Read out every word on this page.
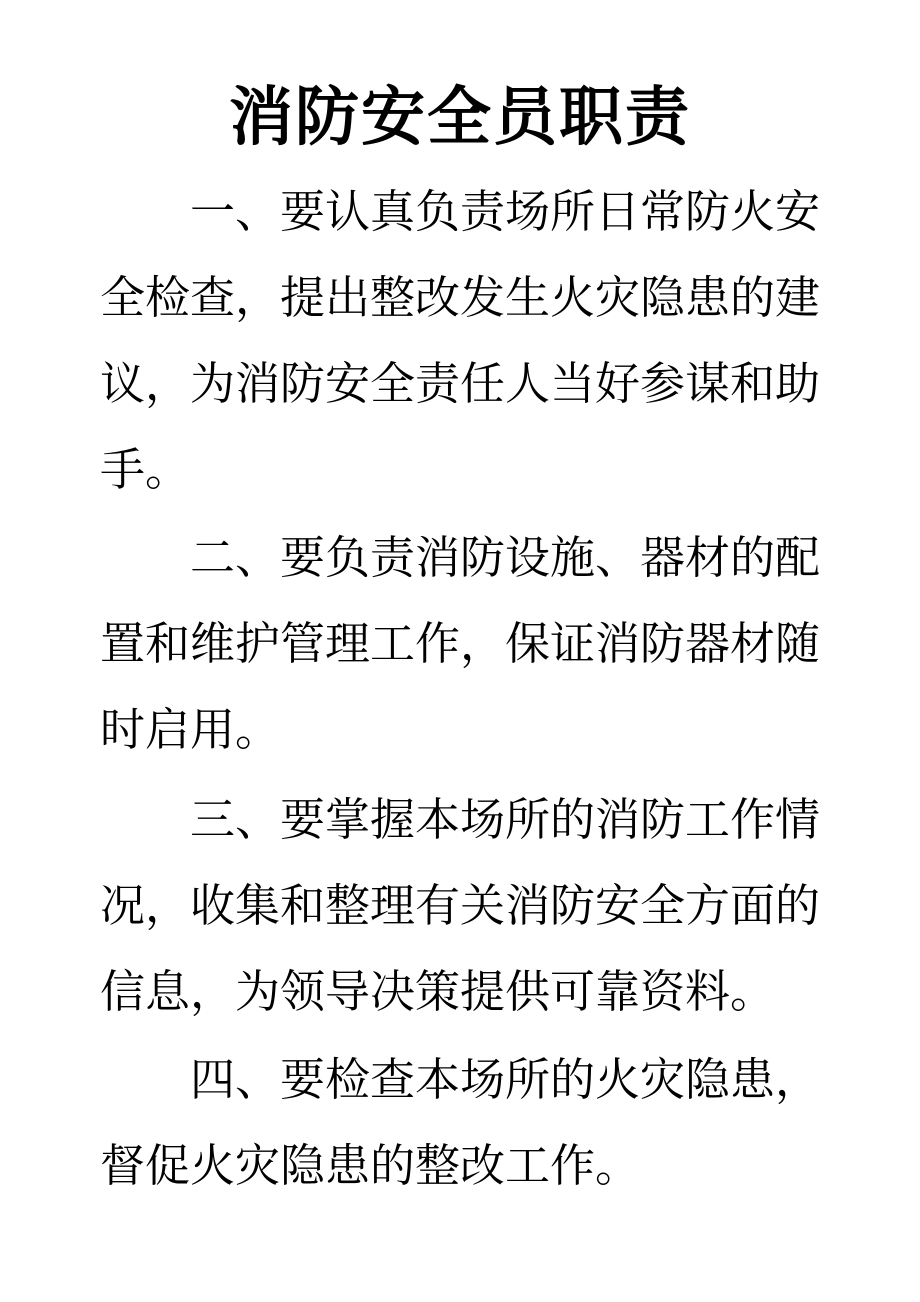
消防安全员职责
一、要认真负责场所日常防火安
全检查，提出整改发生火灾隐患的建
议，为消防安全责任人当好参谋和助
手。
二、要负责消防设施、器材的配
置和维护管理工作，保证消防器材随
时启用。
三、要掌握本场所的消防工作情
况，收集和整理有关消防安全方面的
信息，为领导决策提供可靠资料。
四、要检查本场所的火灾隐患，
督促火灾隐患的整改工作。
